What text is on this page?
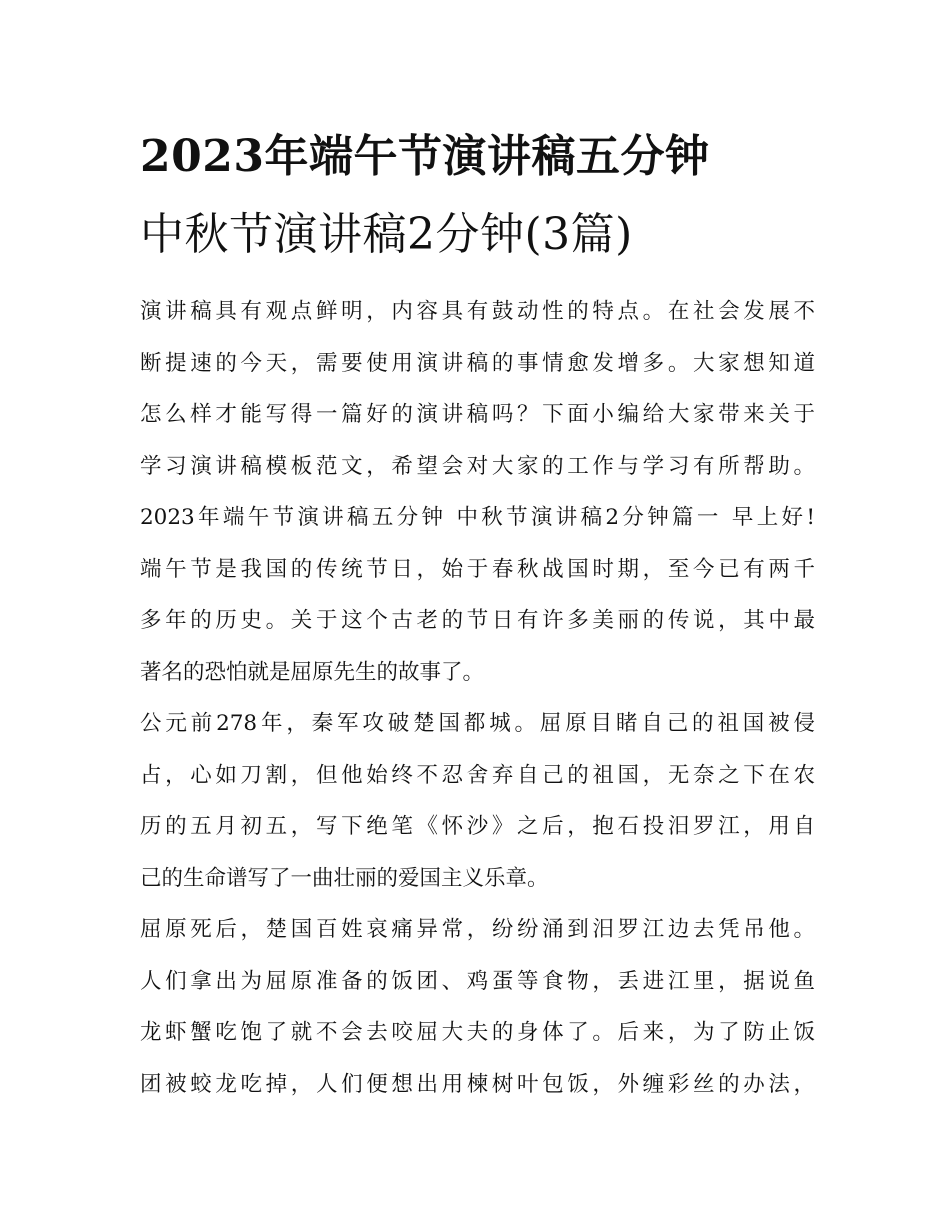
2023年端午节演讲稿五分钟
中秋节演讲稿2分钟(3篇)
演讲稿具有观点鲜明，内容具有鼓动性的特点。在社会发展不
断提速的今天，需要使用演讲稿的事情愈发增多。大家想知道
怎么样才能写得一篇好的演讲稿吗？下面小编给大家带来关于
学习演讲稿模板范文，希望会对大家的工作与学习有所帮助。
2023年端午节演讲稿五分钟 中秋节演讲稿2分钟篇一 早上好!
端午节是我国的传统节日，始于春秋战国时期，至今已有两千
多年的历史。关于这个古老的节日有许多美丽的传说，其中最
著名的恐怕就是屈原先生的故事了。
公元前278年，秦军攻破楚国都城。屈原目睹自己的祖国被侵
占，心如刀割，但他始终不忍舍弃自己的祖国，无奈之下在农
历的五月初五，写下绝笔《怀沙》之后，抱石投汨罗江，用自
己的生命谱写了一曲壮丽的爱国主义乐章。
屈原死后，楚国百姓哀痛异常，纷纷涌到汨罗江边去凭吊他。
人们拿出为屈原准备的饭团、鸡蛋等食物，丢进江里，据说鱼
龙虾蟹吃饱了就不会去咬屈大夫的身体了。后来，为了防止饭
团被蛟龙吃掉，人们便想出用楝树叶包饭，外缠彩丝的办法，
